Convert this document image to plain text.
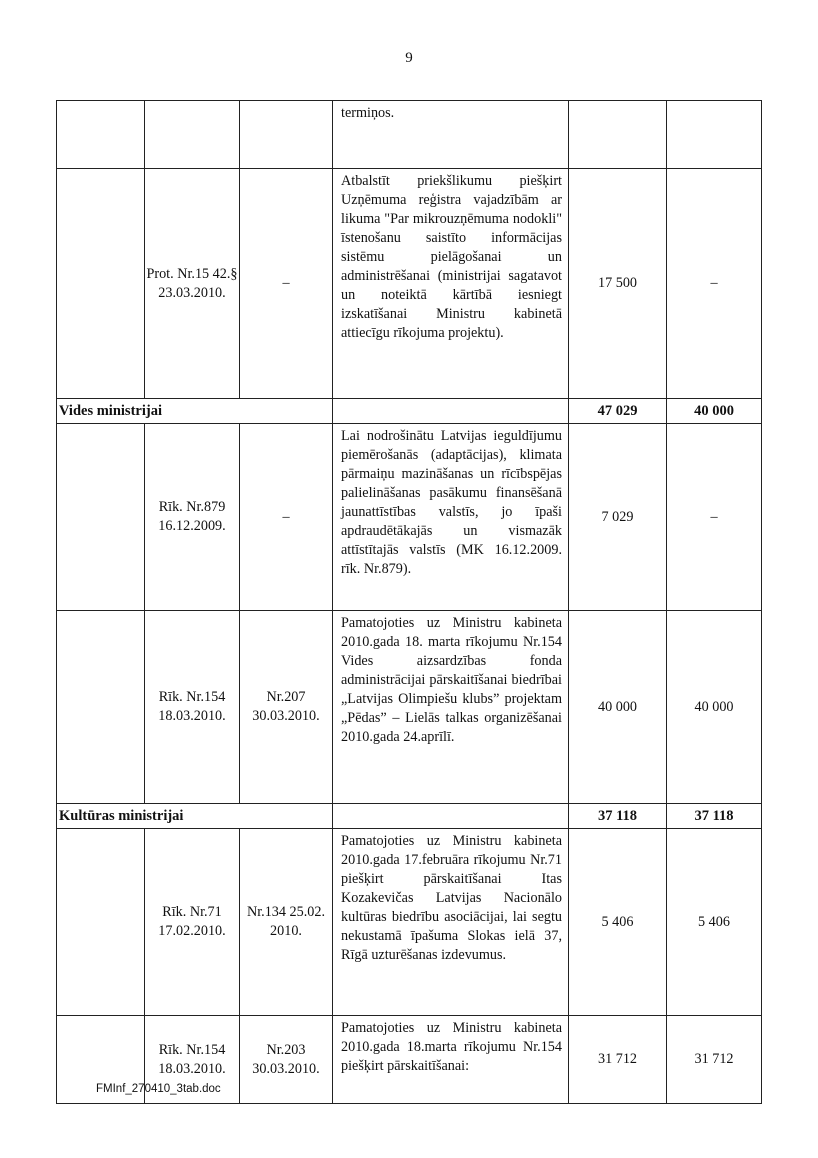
9
			termiņos.		
	Prot. Nr.15 42.§ 23.03.2010.	–	Atbalstīt priekšlikumu piešķirt Uzņēmuma reģistra vajadzībām ar likuma "Par mikrouzņēmuma nodokli" īstenošanu saistīto informācijas sistēmu pielāgošanai un administrēšanai (ministrijai sagatavot un noteiktā kārtībā iesniegt izskatīšanai Ministru kabinetā attiecīgu rīkojuma projektu).	17 500	–
Vides ministrijai				47 029	40 000
	Rīk. Nr.879 16.12.2009.	–	Lai nodrošinātu Latvijas ieguldījumu piemērošanās (adaptācijas), klimata pārmaiņu mazināšanas un rīcībspējas palielināšanas pasākumu finansēšanā jaunattīstības valstīs, jo īpaši apdraudētākajās un vismazāk attīstītajās valstīs (MK 16.12.2009. rīk. Nr.879).	7 029	–
	Rīk. Nr.154 18.03.2010.	Nr.207 30.03.2010.	Pamatojoties uz Ministru kabineta 2010.gada 18. marta rīkojumu Nr.154 Vides aizsardzības fonda administrācijai pārskaitīšanai biedrībai „Latvijas Olimpiešu klubs” projektam „Pēdas” – Lielās talkas organizēšanai 2010.gada 24.aprīlī.	40 000	40 000
Kultūras ministrijai				37 118	37 118
	Rīk. Nr.71 17.02.2010.	Nr.134 25.02. 2010.	Pamatojoties uz Ministru kabineta 2010.gada 17.februāra rīkojumu Nr.71 piešķirt pārskaitīšanai Itas Kozakevičas Latvijas Nacionālo kultūras biedrību asociācijai, lai segtu nekustamā īpašuma Slokas ielā 37, Rīgā uzturēšanas izdevumus.	5 406	5 406
	Rīk. Nr.154 18.03.2010.	Nr.203 30.03.2010.	Pamatojoties uz Ministru kabineta 2010.gada 18.marta rīkojumu Nr.154 piešķirt pārskaitīšanai:	31 712	31 712
FMInf_270410_3tab.doc
